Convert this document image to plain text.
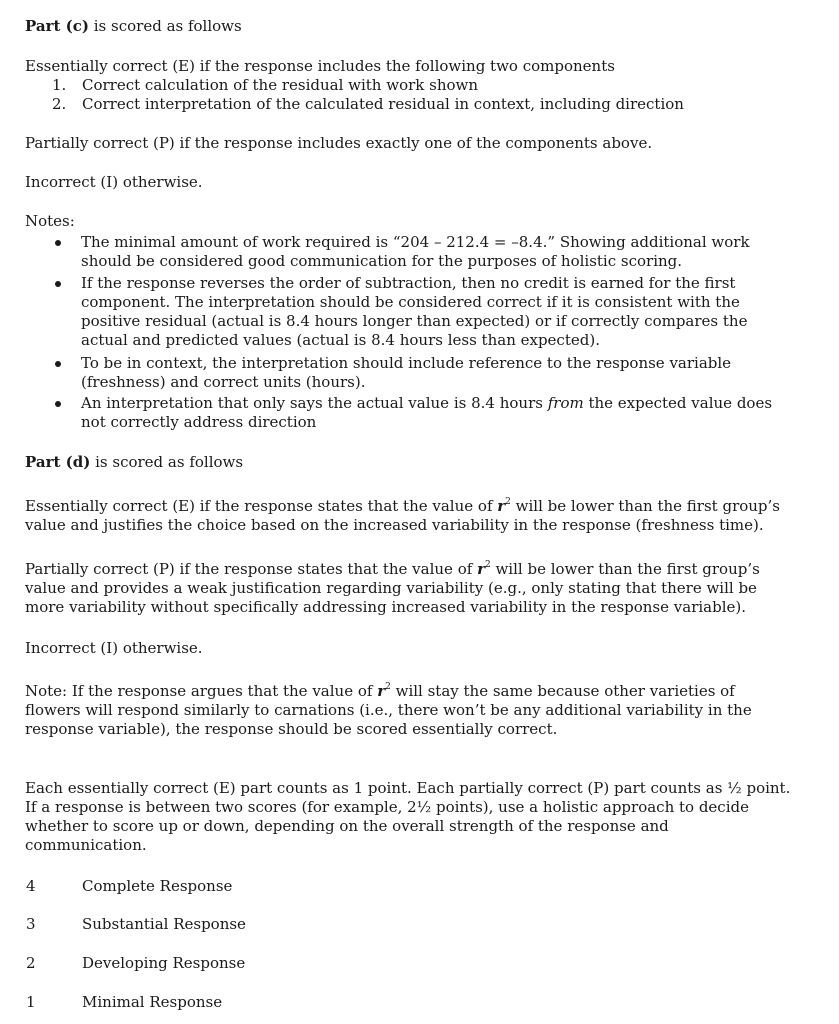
Part (c) is scored as follows
Essentially correct (E) if the response includes the following two components
1. Correct calculation of the residual with work shown
2. Correct interpretation of the calculated residual in context, including direction
Partially correct (P) if the response includes exactly one of the components above.
Incorrect (I) otherwise.
Notes:
The minimal amount of work required is “204 – 212.4 = –8.4.” Showing additional work
should be considered good communication for the purposes of holistic scoring.
If the response reverses the order of subtraction, then no credit is earned for the first
component. The interpretation should be considered correct if it is consistent with the
positive residual (actual is 8.4 hours longer than expected) or if correctly compares the
actual and predicted values (actual is 8.4 hours less than expected).
To be in context, the interpretation should include reference to the response variable
(freshness) and correct units (hours).
An interpretation that only says the actual value is 8.4 hours from the expected value does
not correctly address direction
Part (d) is scored as follows
Essentially correct (E) if the response states that the value of $r^2$ will be lower than the first group’s
value and justifies the choice based on the increased variability in the response (freshness time).
Partially correct (P) if the response states that the value of $r^2$ will be lower than the first group’s
value and provides a weak justification regarding variability (e.g., only stating that there will be
more variability without specifically addressing increased variability in the response variable).
Incorrect (I) otherwise.
Note: If the response argues that the value of $r^2$ will stay the same because other varieties of
flowers will respond similarly to carnations (i.e., there won’t be any additional variability in the
response variable), the response should be scored essentially correct.
Each essentially correct (E) part counts as 1 point. Each partially correct (P) part counts as ½ point.
If a response is between two scores (for example, 2½ points), use a holistic approach to decide
whether to score up or down, depending on the overall strength of the response and
communication.
4	Complete Response
3	Substantial Response
2	Developing Response
1	Minimal Response
